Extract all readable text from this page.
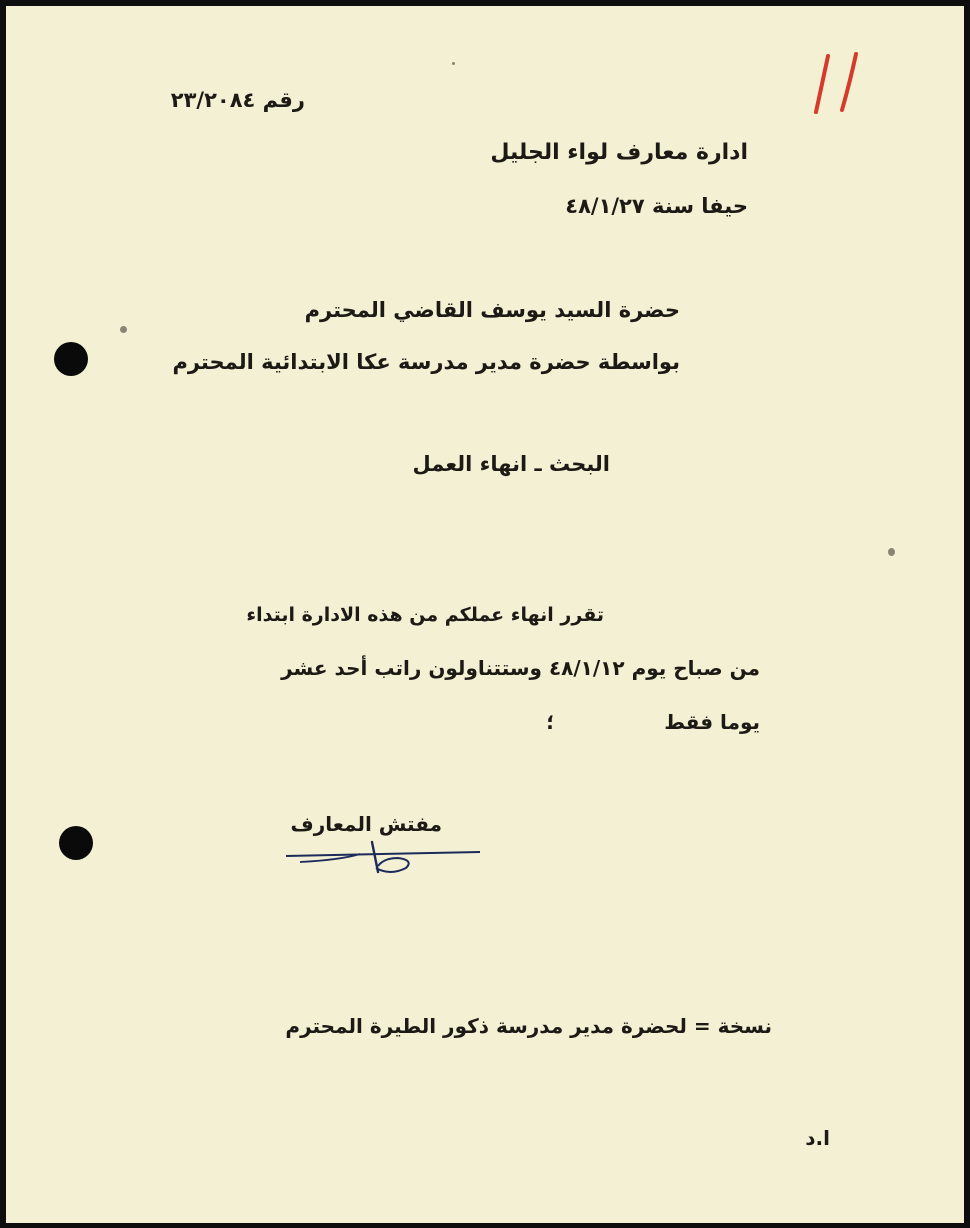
رقم ٢٣/٢٠٨٤
ادارة معارف لواء الجليل
حيفا سنة ٤٨/١/٢٧
حضرة السيد يوسف القاضي المحترم
بواسطة حضرة مدير مدرسة عكا الابتدائية المحترم
البحث ـ انهاء العمل
تقرر انهاء عملكم من هذه الادارة ابتداء
من صباح يوم ٤٨/١/١٢ وستتناولون راتب أحد عشر
يوما فقط؛
مفتش المعارف
نسخة = لحضرة مدير مدرسة ذكور الطيرة المحترم
ا.د
